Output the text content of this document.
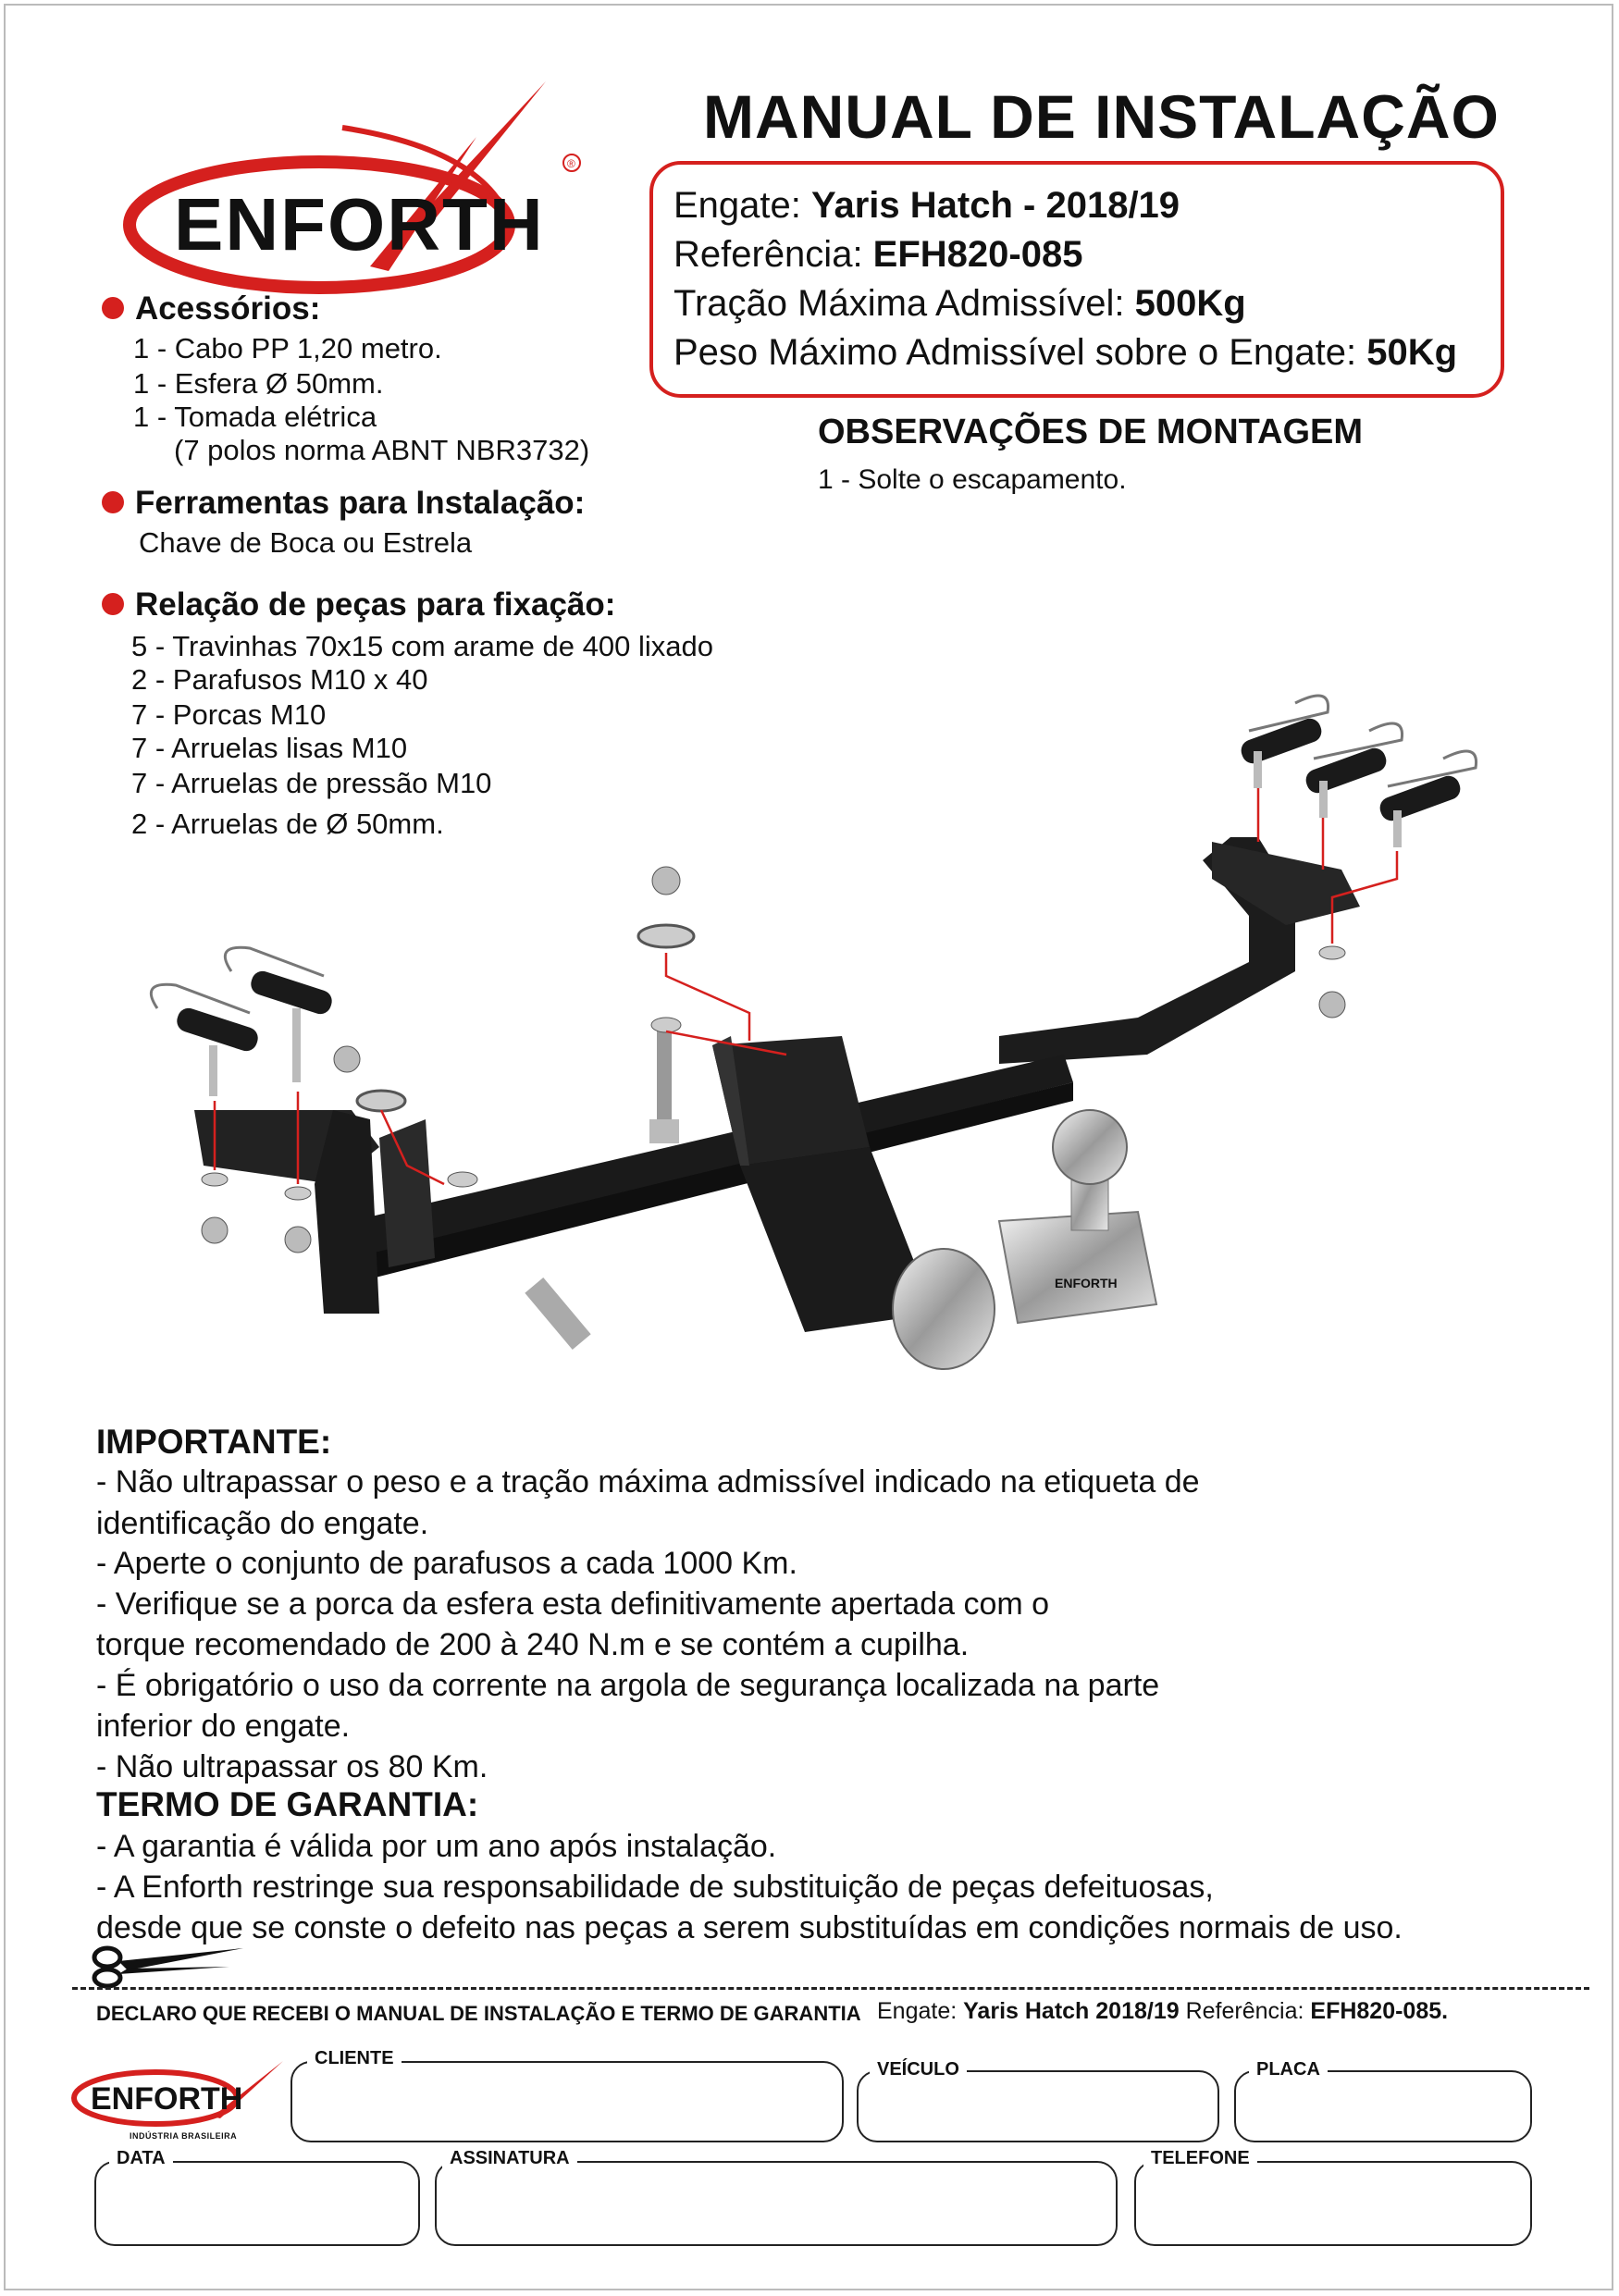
ENFORTH
®
MANUAL DE INSTALAÇÃO
Engate: Yaris Hatch - 2018/19
Referência: EFH820-085
Tração Máxima Admissível: 500Kg
Peso Máximo Admissível sobre o Engate: 50Kg
OBSERVAÇÕES DE MONTAGEM
1 - Solte o escapamento.
Acessórios:
1 - Cabo PP 1,20 metro.
1 - Esfera Ø 50mm.
1 - Tomada elétrica
(7 polos norma ABNT NBR3732)
Ferramentas para Instalação:
Chave de Boca ou Estrela
Relação de peças para fixação:
5 - Travinhas 70x15 com arame de 400 lixado
2 - Parafusos M10 x 40
7 - Porcas M10
7 - Arruelas lisas M10
7 - Arruelas de pressão M10
2 - Arruelas de Ø 50mm.
ENFORTH
IMPORTANTE:
- Não ultrapassar o peso e a tração máxima admissível indicado na etiqueta de
identificação do engate.
- Aperte o conjunto de parafusos a cada 1000 Km.
- Verifique se a porca da esfera esta definitivamente apertada com o
torque recomendado de 200 à 240 N.m e se contém a cupilha.
- É obrigatório o uso da corrente na argola de segurança localizada na parte
inferior do engate.
- Não ultrapassar os 80 Km.
TERMO DE GARANTIA:
- A garantia é válida por um ano após instalação.
- A Enforth restringe sua responsabilidade de substituição de peças defeituosas,
desde que se conste o defeito nas peças a serem substituídas em condições normais de uso.
DECLARO QUE RECEBI O MANUAL DE INSTALAÇÃO E TERMO DE GARANTIA Engate: Yaris Hatch 2018/19 Referência: EFH820-085.
ENFORTH
INDÚSTRIA BRASILEIRA
CLIENTE
VEÍCULO	PLACA
DATA	ASSINATURA	TELEFONE
